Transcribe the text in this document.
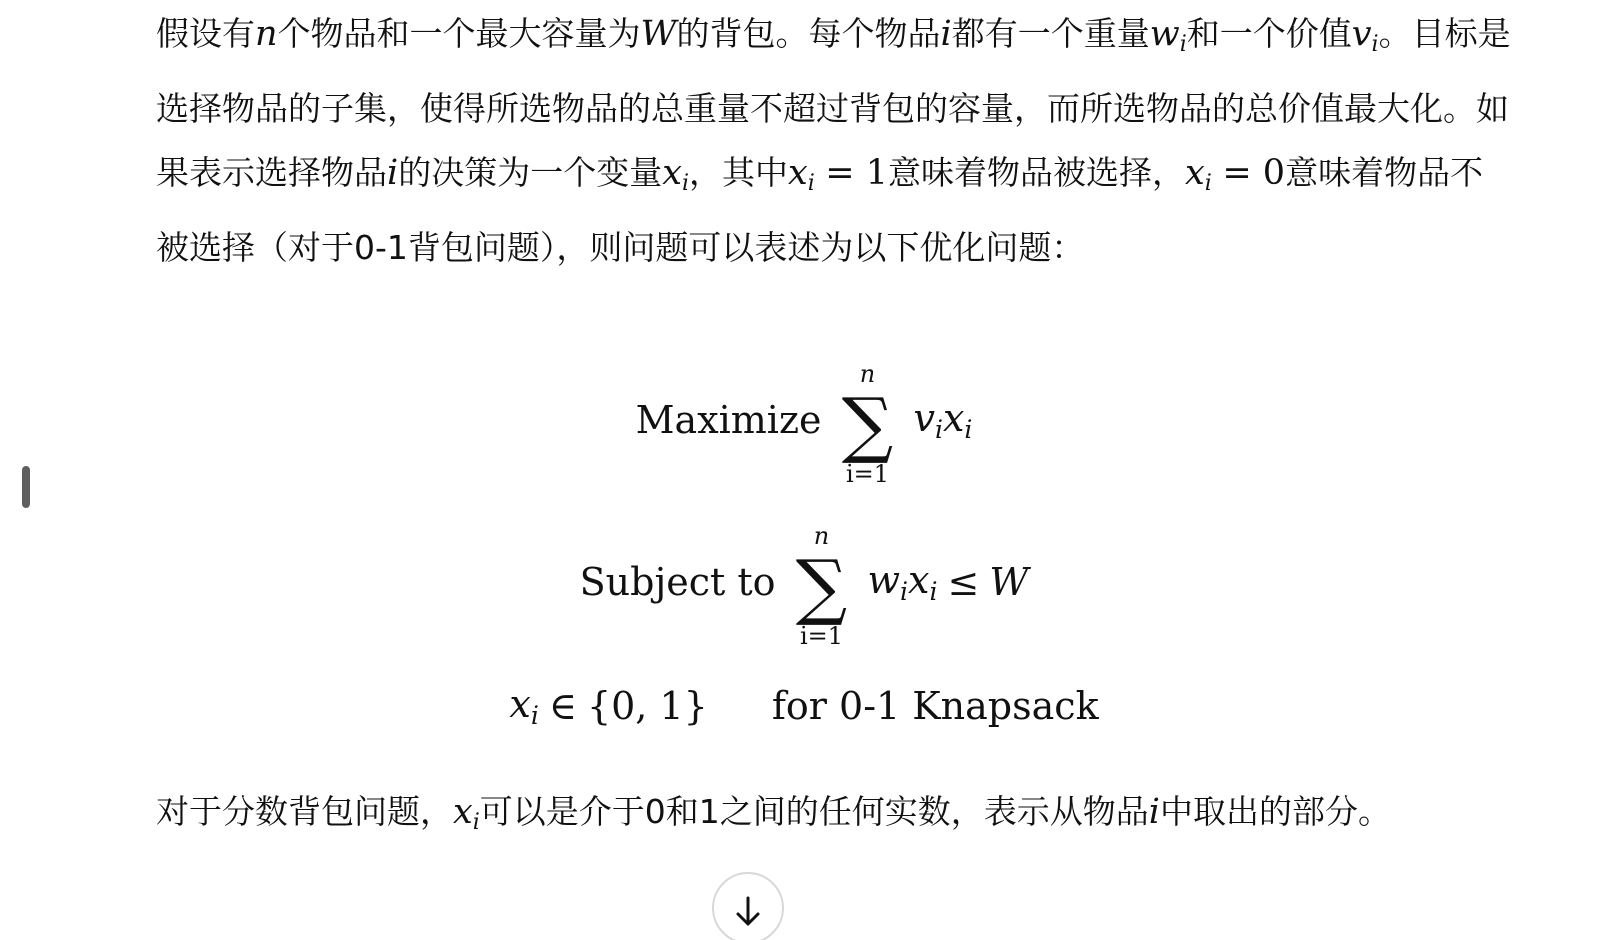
假设有n个物品和一个最大容量为W的背包。每个物品i都有一个重量$w_i$和一个价值$v_i$。目标是选择物品的子集，使得所选物品的总重量不超过背包的容量，而所选物品的总价值最大化。如果表示选择物品i的决策为一个变量$x_i$，其中$x_i = 1$意味着物品被选择，$x_i = 0$意味着物品不被选择（对于0-1背包问题），则问题可以表述为以下优化问题：
Maximize
n
∑
i=1
$v_ix_i$
Subject to
n
∑
i=1
$w_ix_i \le W$
$x_i$ ∈ {0, 1} for 0-1 Knapsack
对于分数背包问题，$x_i$可以是介于0和1之间的任何实数，表示从物品i中取出的部分。
